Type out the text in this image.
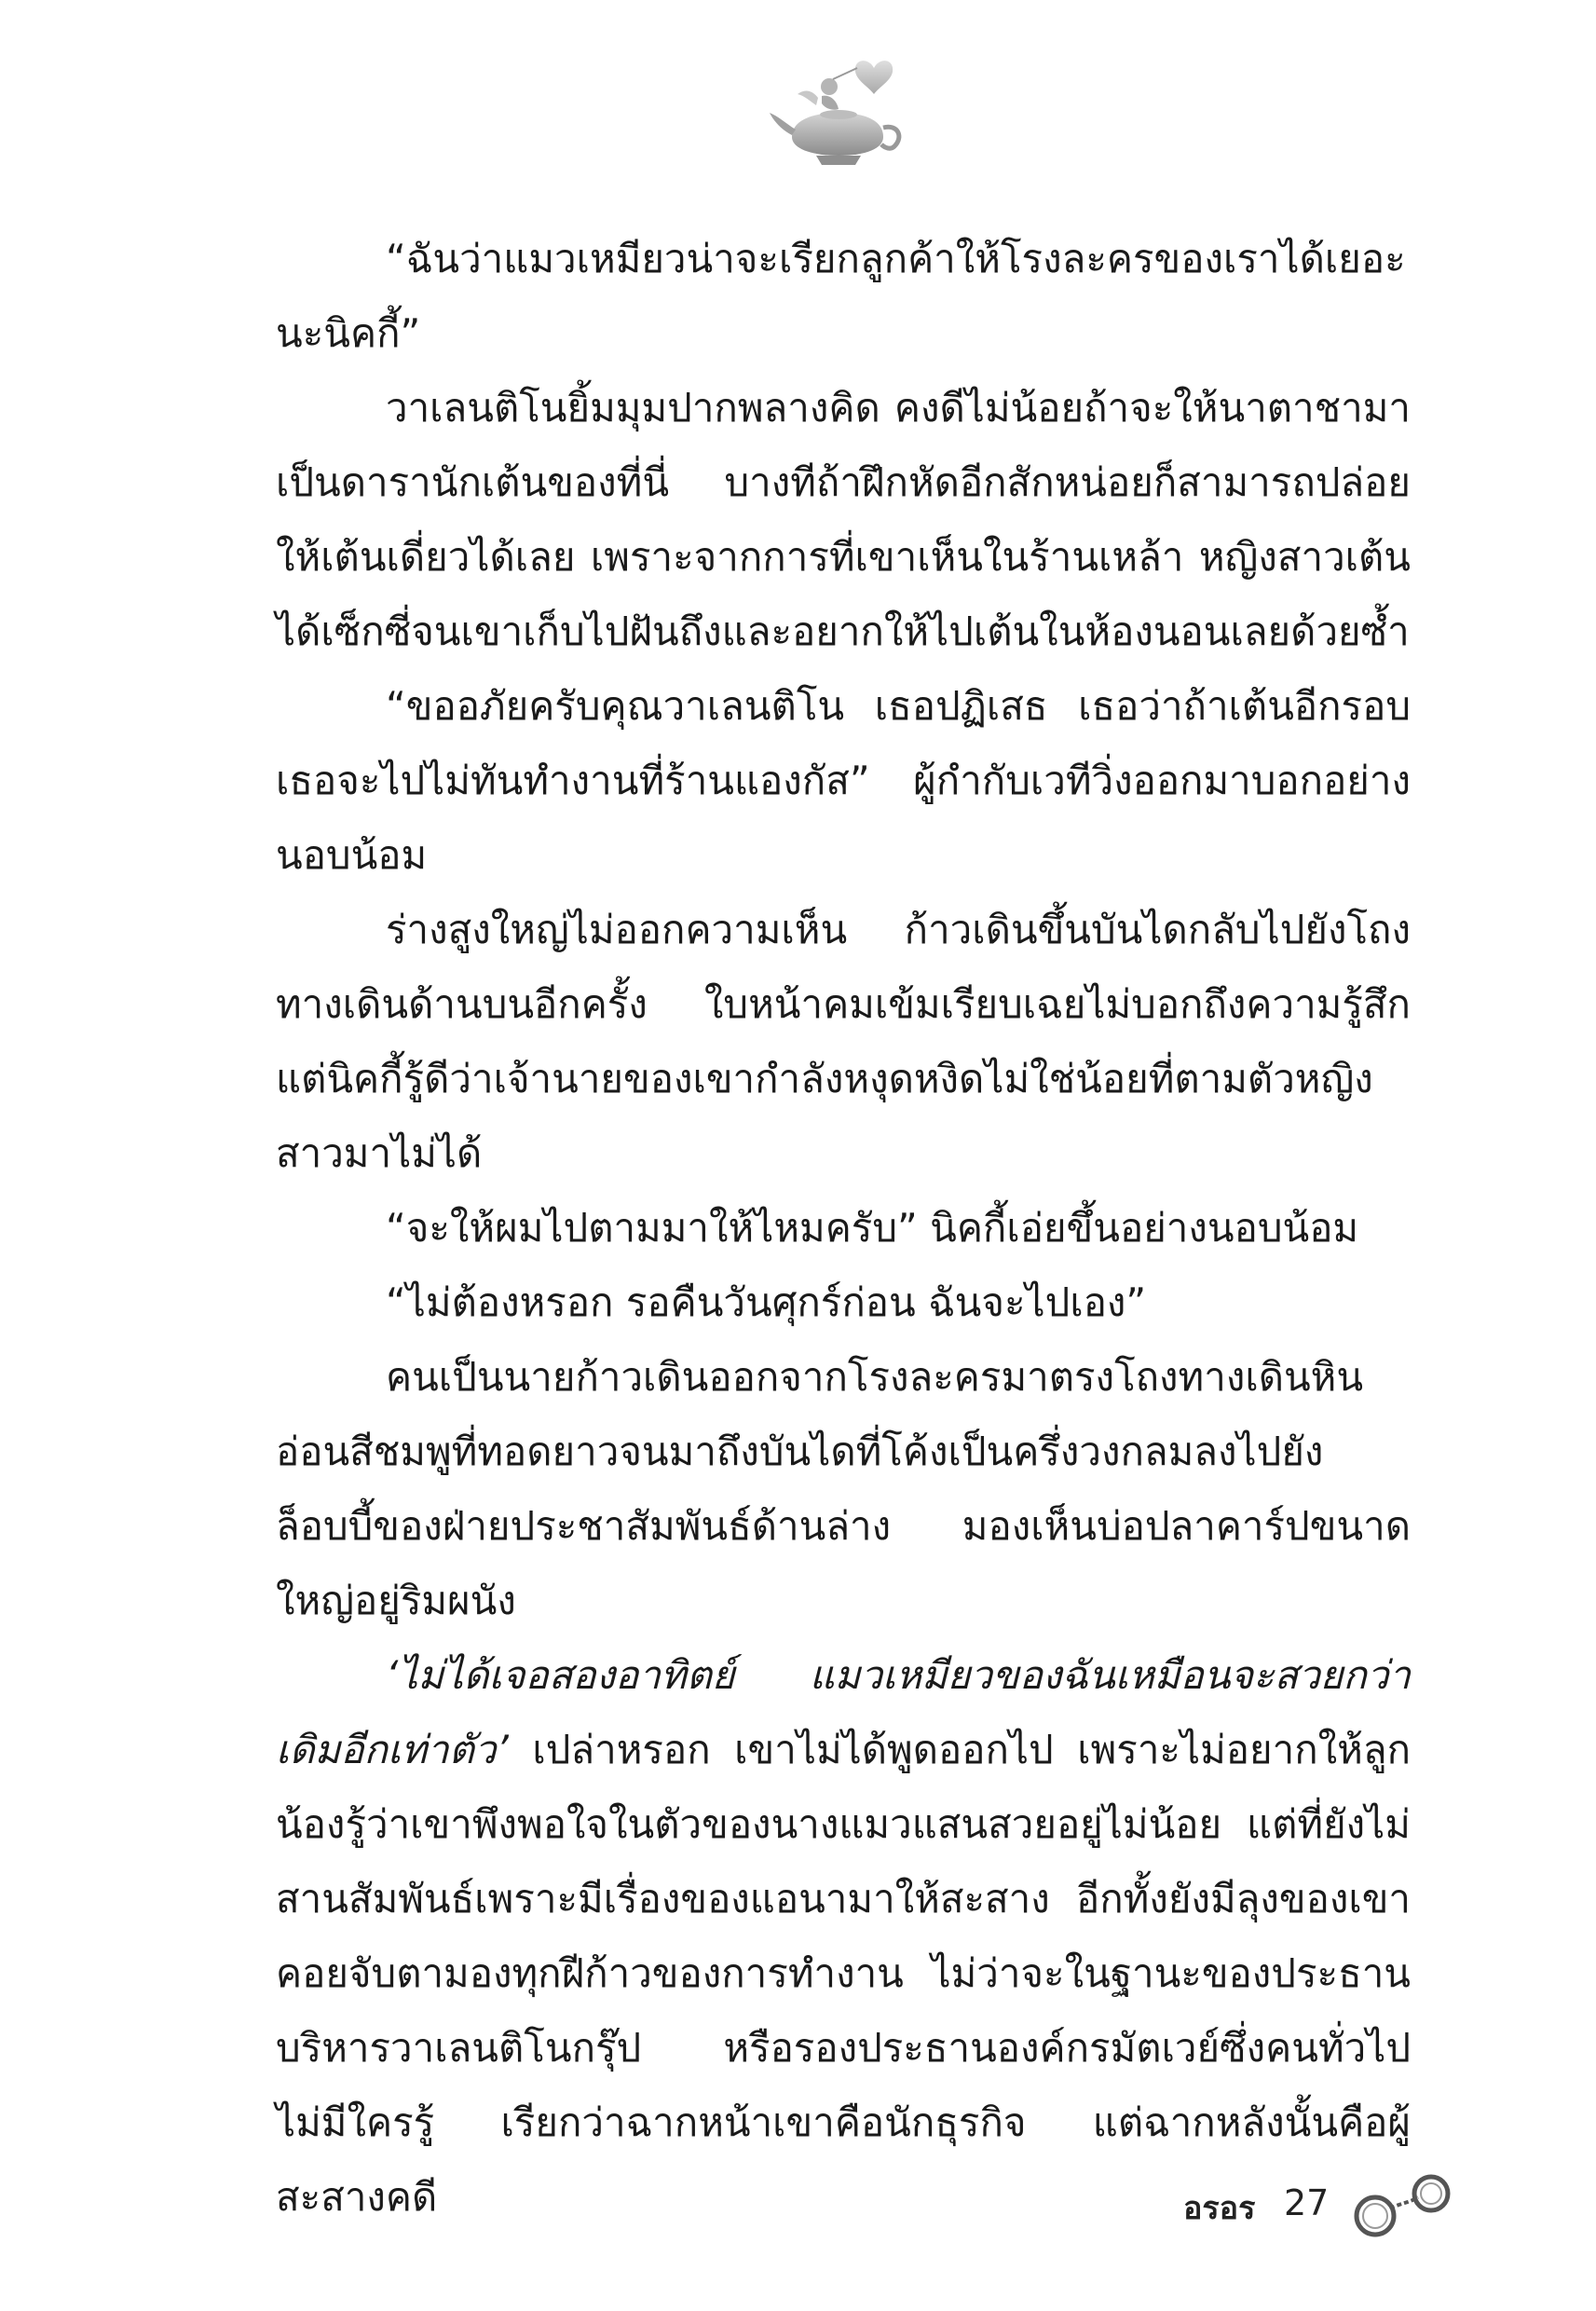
“ฉันว่าแมวเหมียวน่าจะเรียกลูกค้าให้โรงละครของเราได้เยอะนะนิคกี้”

วาเลนติโนยิ้มมุมปากพลางคิด คงดีไม่น้อยถ้าจะให้นาตาชามาเป็นดารานักเต้นของที่นี่ บางทีถ้าฝึกหัดอีกสักหน่อยก็สามารถปล่อยให้เต้นเดี่ยวได้เลย เพราะจากการที่เขาเห็นในร้านเหล้า หญิงสาวเต้นได้เซ็กซี่จนเขาเก็บไปฝันถึงและอยากให้ไปเต้นในห้องนอนเลยด้วยซ้ำ

“ขออภัยครับคุณวาเลนติโน เธอปฏิเสธ เธอว่าถ้าเต้นอีกรอบเธอจะไปไม่ทันทำงานที่ร้านแองกัส” ผู้กำกับเวทีวิ่งออกมาบอกอย่างนอบน้อม

ร่างสูงใหญ่ไม่ออกความเห็น ก้าวเดินขึ้นบันไดกลับไปยังโถงทางเดินด้านบนอีกครั้ง ใบหน้าคมเข้มเรียบเฉยไม่บอกถึงความรู้สึก แต่นิคกี้รู้ดีว่าเจ้านายของเขากำลังหงุดหงิดไม่ใช่น้อยที่ตามตัวหญิงสาวมาไม่ได้

“จะให้ผมไปตามมาให้ไหมครับ” นิคกี้เอ่ยขึ้นอย่างนอบน้อม

“ไม่ต้องหรอก รอคืนวันศุกร์ก่อน ฉันจะไปเอง”

คนเป็นนายก้าวเดินออกจากโรงละครมาตรงโถงทางเดินหินอ่อนสีชมพูที่ทอดยาวจนมาถึงบันไดที่โค้งเป็นครึ่งวงกลมลงไปยังล็อบบี้ของฝ่ายประชาสัมพันธ์ด้านล่าง มองเห็นบ่อปลาคาร์ปขนาดใหญ่อยู่ริมผนัง

‘ไม่ได้เจอสองอาทิตย์ แมวเหมียวของฉันเหมือนจะสวยกว่าเดิมอีกเท่าตัว’ เปล่าหรอก เขาไม่ได้พูดออกไป เพราะไม่อยากให้ลูกน้องรู้ว่าเขาพึงพอใจในตัวของนางแมวแสนสวยอยู่ไม่น้อย แต่ที่ยังไม่สานสัมพันธ์เพราะมีเรื่องของแอนามาให้สะสาง อีกทั้งยังมีลุงของเขาคอยจับตามองทุกฝีก้าวของการทำงาน ไม่ว่าจะในฐานะของประธานบริหารวาเลนติโนกรุ๊ป หรือรองประธานองค์กรมัตเวย์ซึ่งคนทั่วไปไม่มีใครรู้ เรียกว่าฉากหน้าเขาคือนักธุรกิจ แต่ฉากหลังนั้นคือผู้สะสางคดี	อรอร 27
